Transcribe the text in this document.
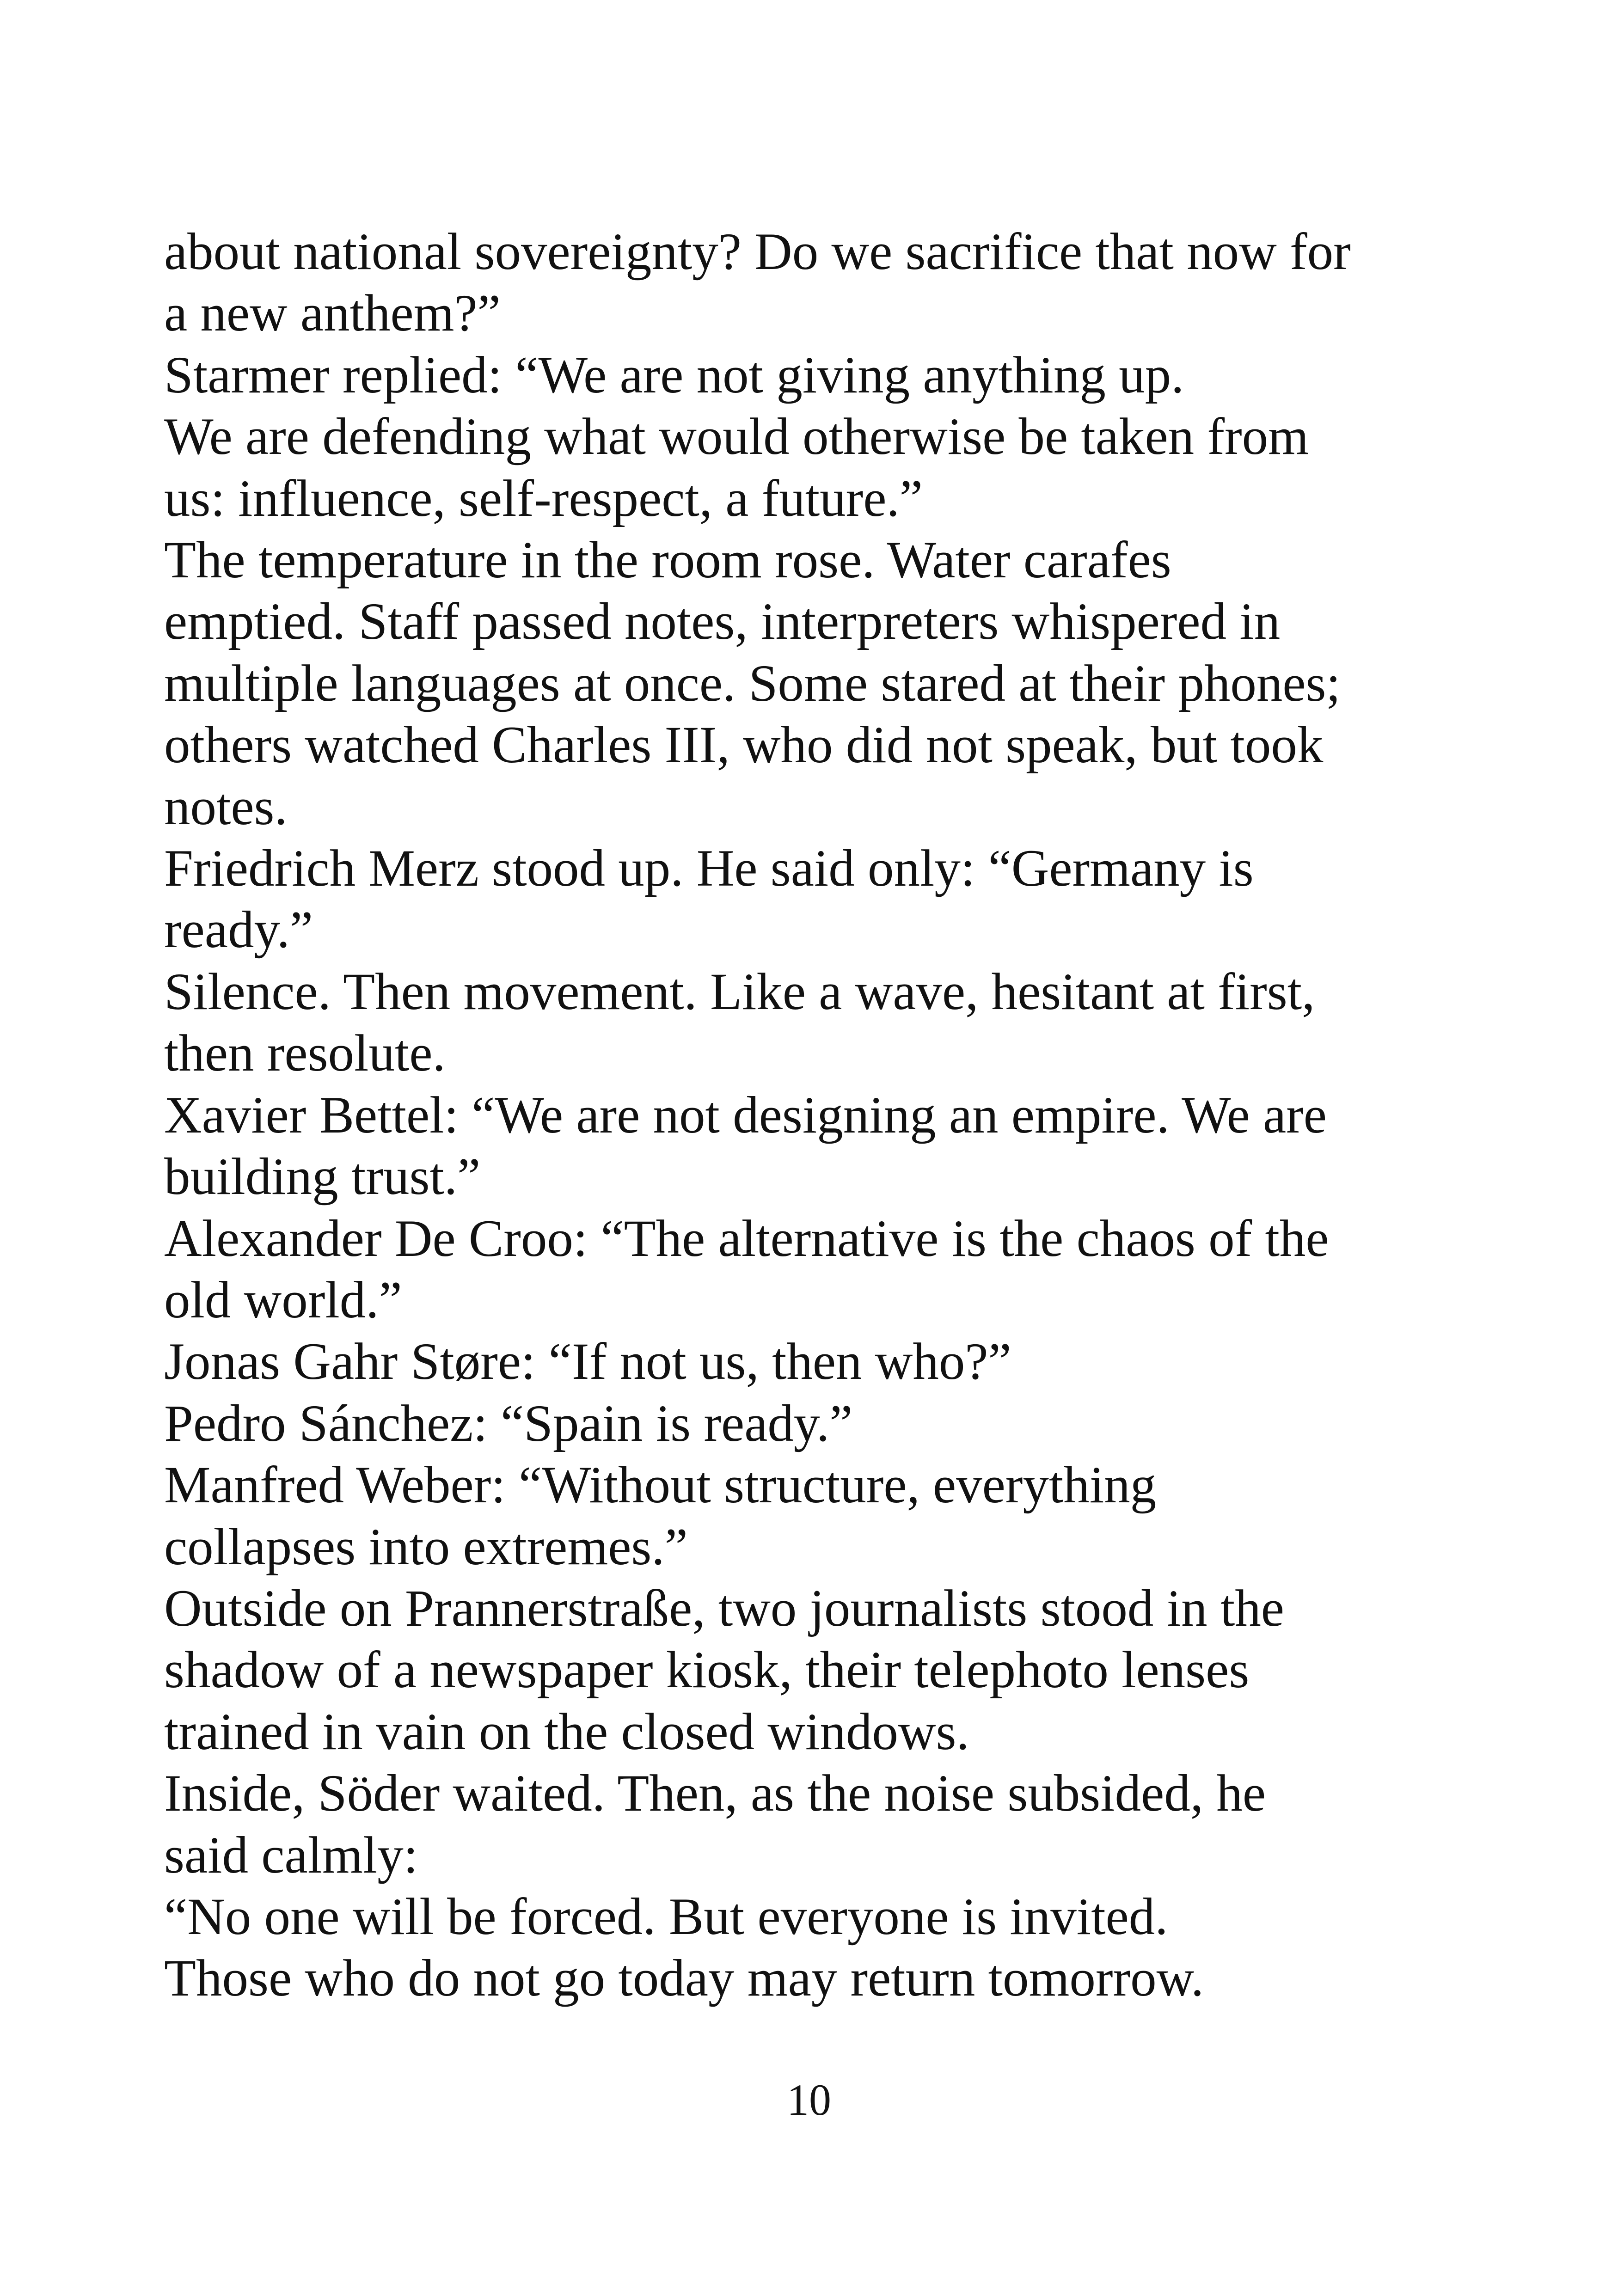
about national sovereignty? Do we sacrifice that now for
a new anthem?”
Starmer replied: “We are not giving anything up.
We are defending what would otherwise be taken from
us: influence, self-respect, a future.”
The temperature in the room rose. Water carafes
emptied. Staff passed notes, interpreters whispered in
multiple languages at once. Some stared at their phones;
others watched Charles III, who did not speak, but took
notes.
Friedrich Merz stood up. He said only: “Germany is
ready.”
Silence. Then movement. Like a wave, hesitant at first,
then resolute.
Xavier Bettel: “We are not designing an empire. We are
building trust.”
Alexander De Croo: “The alternative is the chaos of the
old world.”
Jonas Gahr Støre: “If not us, then who?”
Pedro Sánchez: “Spain is ready.”
Manfred Weber: “Without structure, everything
collapses into extremes.”
Outside on Prannerstraße, two journalists stood in the
shadow of a newspaper kiosk, their telephoto lenses
trained in vain on the closed windows.
Inside, Söder waited. Then, as the noise subsided, he
said calmly:
“No one will be forced. But everyone is invited.
Those who do not go today may return tomorrow.
10
